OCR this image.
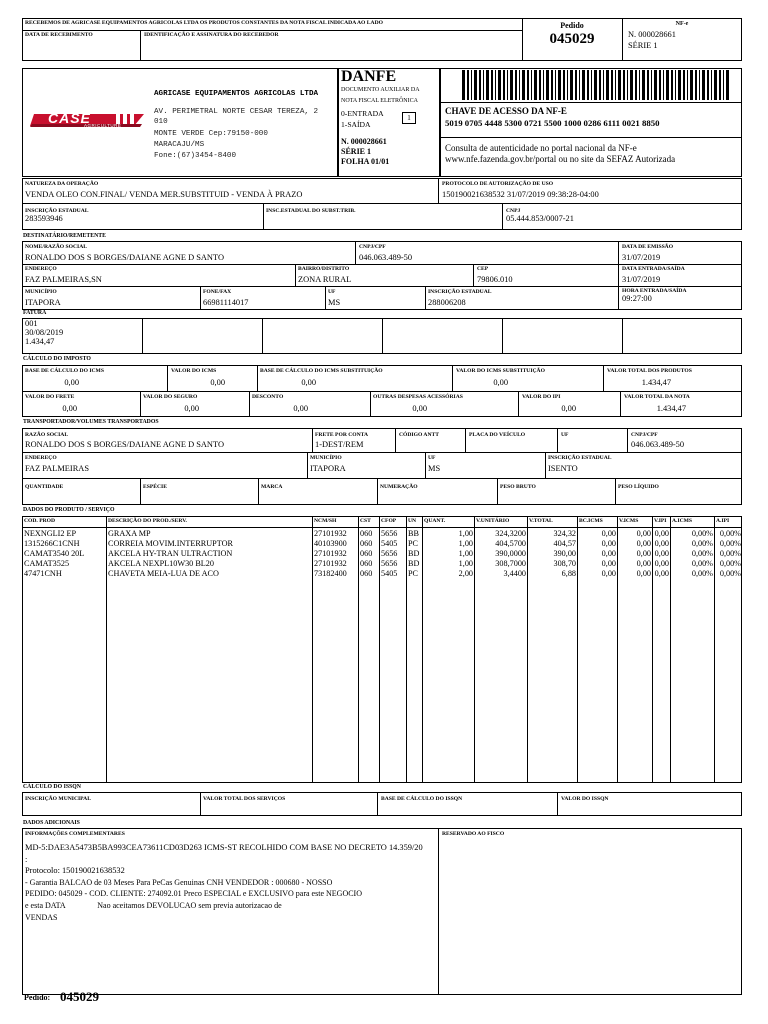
RECEBEMOS DE AGRICASE EQUIPAMENTOS AGRICOLAS LTDA OS PRODUTOS CONSTANTES DA NOTA FISCAL INDICADA AO LADO
DATA DE RECEBIMENTO	IDENTIFICAÇÃO E ASSINATURA DO RECEBEDOR
Pedido
045029
NF-e
N. 000028661
SÉRIE 1
CASE
AGRICULTURE
AGRICASE EQUIPAMENTOS AGRICOLAS LTDA
AV. PERIMETRAL NORTE CESAR TEREZA, 2
010
MONTE VERDE Cep:79150-000
MARACAJU/MS
Fone:(67)3454-8400
DANFE
DOCUMENTO AUXILIAR DA
NOTA FISCAL ELETRÔNICA
0-ENTRADA
1-SAÍDA
1
N. 000028661
SÉRIE 1
FOLHA 01/01
CHAVE DE ACESSO DA NF-E
5019 0705 4448 5300 0721 5500 1000 0286 6111 0021 8850
Consulta de autenticidade no portal nacional da NF-e
www.nfe.fazenda.gov.br/portal ou no site da SEFAZ Autorizada
NATUREZA DA OPERAÇÃO
VENDA OLEO CON.FINAL/ VENDA MER.SUBSTITUID - VENDA À PRAZO
PROTOCOLO DE AUTORIZAÇÃO DE USO
150190021638532 31/07/2019 09:38:28-04:00
INSCRIÇÃO ESTADUAL
283593946
INSC.ESTADUAL DO SUBST.TRIB.	CNPJ
05.444.853/0007-21
DESTINATÁRIO/REMETENTE
NOME/RAZÃO SOCIAL
RONALDO DOS S BORGES/DAIANE AGNE D SANTO
CNPJ/CPF
046.063.489-50
DATA DE EMISSÃO
31/07/2019
ENDEREÇO
FAZ PALMEIRAS,SN
BAIRRO/DISTRITO
ZONA RURAL
CEP
79806.010
DATA ENTRADA/SAÍDA
31/07/2019
MUNICÍPIO
ITAPORA
FONE/FAX
66981114017
UF
MS
INSCRIÇÃO ESTADUAL
288006208
HORA ENTRADA/SAÍDA
09:27:00
FATURA
001
30/08/2019
1.434,47
CÁLCULO DO IMPOSTO
BASE DE CÁLCULO DO ICMS
0,00
VALOR DO ICMS
0,00
BASE DE CÁLCULO DO ICMS SUBSTITUIÇÃO
0,00
VALOR DO ICMS SUBSTITUIÇÃO
0,00
VALOR TOTAL DOS PRODUTOS
1.434,47
VALOR DO FRETE
0,00
VALOR DO SEGURO
0,00
DESCONTO
0,00
OUTRAS DESPESAS ACESSÓRIAS
0,00
VALOR DO IPI
0,00
VALOR TOTAL DA NOTA
1.434,47
TRANSPORTADOR/VOLUMES TRANSPORTADOS
RAZÃO SOCIAL
RONALDO DOS S BORGES/DAIANE AGNE D SANTO
FRETE POR CONTA
1-DEST/REM
CÓDIGO ANTT	PLACA DO VEÍCULO	UF	CNPJ/CPF
046.063.489-50
ENDEREÇO
FAZ PALMEIRAS
MUNICÍPIO
ITAPORA
UF
MS
INSCRIÇÃO ESTADUAL
ISENTO
QUANTIDADE	ESPÉCIE	MARCA	NUMERAÇÃO	PESO BRUTO	PESO LÍQUIDO
DADOS DO PRODUTO / SERVIÇO
COD. PROD	DESCRIÇÃO DO PROD./SERV.	NCM/SH	CST CFOP UN QUANT.	V.UNITÁRIO	V.TOTAL	BC.ICMS	V.ICMS	V.IPI A.ICMS	A.IPI
NEXNGLI2 EP	GRAXA MP	27101932	060	5656	BB	1,00	324,3200	324,32	0,00	0,00 0,00	0,00% 0,00%
1315266C1CNH	CORREIA MOVIM.INTERRUPTOR	40103900	060	5405	PC	1,00	404,5700	404,57	0,00	0,00 0,00	0,00% 0,00%
CAMAT3540 20L	AKCELA HY-TRAN ULTRACTION	27101932	060	5656	BD	1,00	390,0000	390,00	0,00	0,00 0,00	0,00% 0,00%
CAMAT3525	AKCELA NEXPL10W30 BL20	27101932	060	5656	BD	1,00	308,7000	308,70	0,00	0,00 0,00	0,00% 0,00%
47471CNH	CHAVETA MEIA-LUA DE ACO	73182400	060	5405	PC	2,00	3,4400	6,88	0,00	0,00 0,00	0,00% 0,00%
CÁLCULO DO ISSQN
INSCRIÇÃO MUNICIPAL	VALOR TOTAL DOS SERVIÇOS	BASE DE CÁLCULO DO ISSQN	VALOR DO ISSQN
DADOS ADICIONAIS
INFORMAÇÕES COMPLEMENTARES	RESERVADO AO FISCO
MD-5:DAE3A5473B5BA993CEA73611CD03D263 ICMS-ST RECOLHIDO COM BASE NO DECRETO 14.359/20
:
Protocolo: 150190021638532
- Garantia BALCAO de 03 Meses Para PeCas Genuinas CNH VENDEDOR : 000680 - NOSSO
PEDIDO: 045029 - COD. CLIENTE: 274092.01 Preco ESPECIAL e EXCLUSIVO para este NEGOCIO
e esta DATA                Nao aceitamos DEVOLUCAO sem previa autorizacao de
VENDAS
Pedido: 045029
